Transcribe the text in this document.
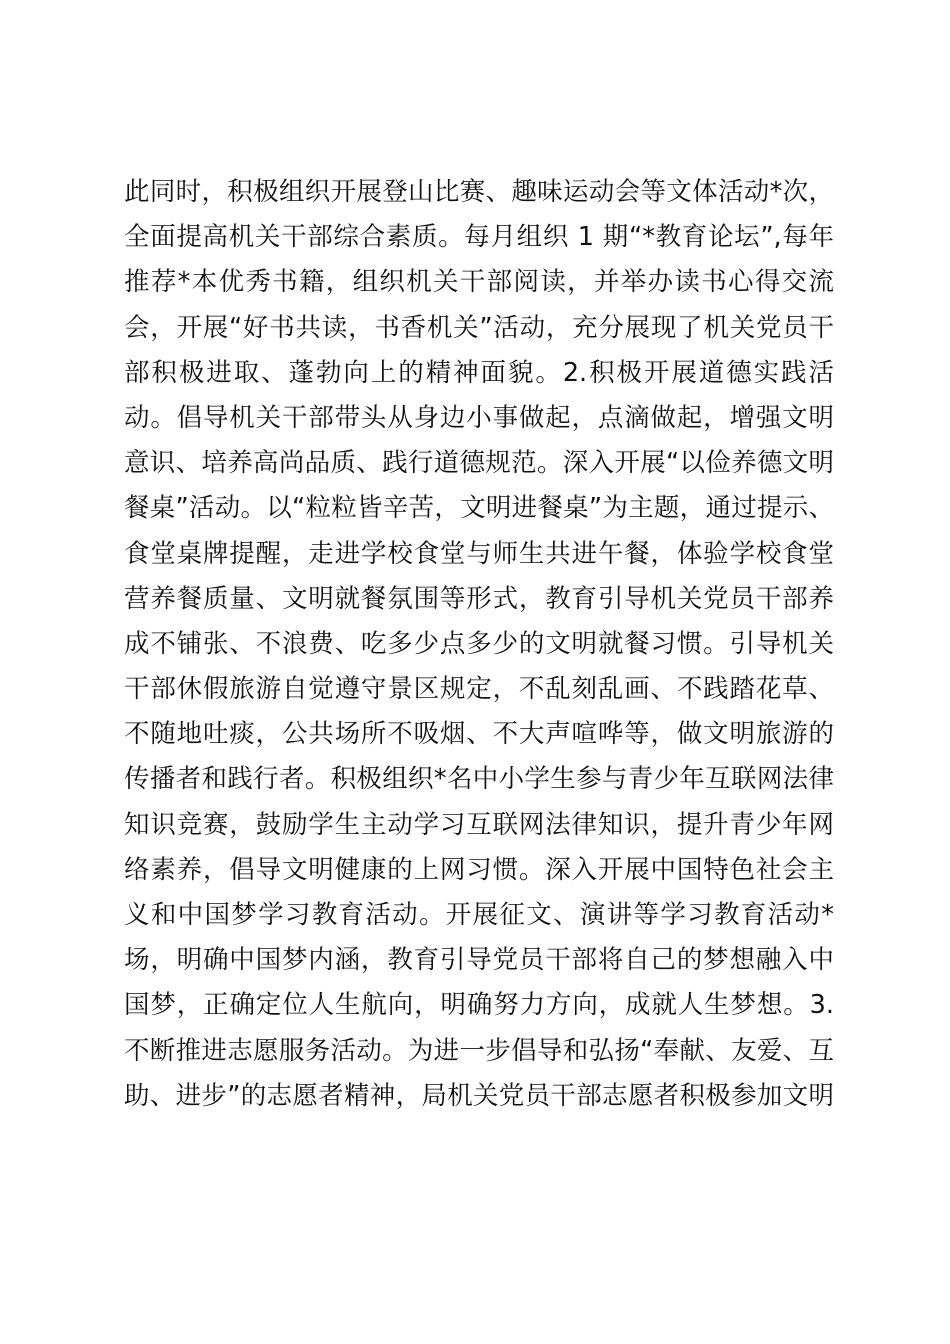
此同时，积极组织开展登山比赛、趣味运动会等文体活动*次，
全面提高机关干部综合素质。每月组织 1 期“*教育论坛”,每年
推荐*本优秀书籍，组织机关干部阅读，并举办读书心得交流
会，开展“好书共读，书香机关”活动，充分展现了机关党员干
部积极进取、蓬勃向上的精神面貌。2.积极开展道德实践活
动。倡导机关干部带头从身边小事做起，点滴做起，增强文明
意识、培养高尚品质、践行道德规范。深入开展“以俭养德文明
餐桌”活动。以“粒粒皆辛苦，文明进餐桌”为主题，通过提示、
食堂桌牌提醒，走进学校食堂与师生共进午餐，体验学校食堂
营养餐质量、文明就餐氛围等形式，教育引导机关党员干部养
成不铺张、不浪费、吃多少点多少的文明就餐习惯。引导机关
干部休假旅游自觉遵守景区规定，不乱刻乱画、不践踏花草、
不随地吐痰，公共场所不吸烟、不大声喧哗等，做文明旅游的
传播者和践行者。积极组织*名中小学生参与青少年互联网法律
知识竞赛，鼓励学生主动学习互联网法律知识，提升青少年网
络素养，倡导文明健康的上网习惯。深入开展中国特色社会主
义和中国梦学习教育活动。开展征文、演讲等学习教育活动*
场，明确中国梦内涵，教育引导党员干部将自己的梦想融入中
国梦，正确定位人生航向，明确努力方向，成就人生梦想。3.
不断推进志愿服务活动。为进一步倡导和弘扬“奉献、友爱、互
助、进步”的志愿者精神，局机关党员干部志愿者积极参加文明
